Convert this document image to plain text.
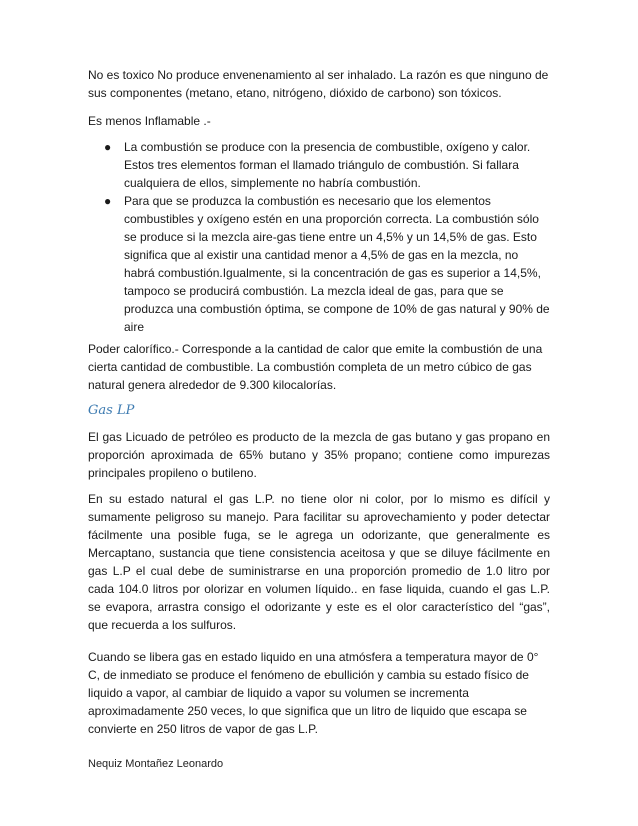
No es toxico No produce envenenamiento al ser inhalado. La razón es que ninguno de sus componentes (metano, etano, nitrógeno, dióxido de carbono) son tóxicos.

Es menos Inflamable .-

● La combustión se produce con la presencia de combustible, oxígeno y calor. Estos tres elementos forman el llamado triángulo de combustión. Si fallara cualquiera de ellos, simplemente no habría combustión.
● Para que se produzca la combustión es necesario que los elementos combustibles y oxígeno estén en una proporción correcta. La combustión sólo se produce si la mezcla aire-gas tiene entre un 4,5% y un 14,5% de gas. Esto significa que al existir una cantidad menor a 4,5% de gas en la mezcla, no habrá combustión.Igualmente, si la concentración de gas es superior a 14,5%, tampoco se producirá combustión. La mezcla ideal de gas, para que se produzca una combustión óptima, se compone de 10% de gas natural y 90% de aire

Poder calorífico.- Corresponde a la cantidad de calor que emite la combustión de una cierta cantidad de combustible. La combustión completa de un metro cúbico de gas natural genera alrededor de 9.300 kilocalorías.

Gas LP

El gas Licuado de petróleo es producto de la mezcla de gas butano y gas propano en proporción aproximada de 65% butano y 35% propano; contiene como impurezas principales propileno o butileno.

En su estado natural el gas L.P. no tiene olor ni color, por lo mismo es difícil y sumamente peligroso su manejo. Para facilitar su aprovechamiento y poder detectar fácilmente una posible fuga, se le agrega un odorizante, que generalmente es Mercaptano, sustancia que tiene consistencia aceitosa y que se diluye fácilmente en gas L.P el cual debe de suministrarse en una proporción promedio de 1.0 litro por cada 104.0 litros por olorizar en volumen líquido.. en fase liquida, cuando el gas L.P. se evapora, arrastra consigo el odorizante y este es el olor característico del “gas”, que recuerda a los sulfuros.

Cuando se libera gas en estado liquido en una atmósfera a temperatura mayor de 0° C, de inmediato se produce el fenómeno de ebullición y cambia su estado físico de liquido a vapor, al cambiar de liquido a vapor su volumen se incrementa aproximadamente 250 veces, lo que significa que un litro de liquido que escapa se convierte en 250 litros de vapor de gas L.P.

Nequiz Montañez Leonardo
